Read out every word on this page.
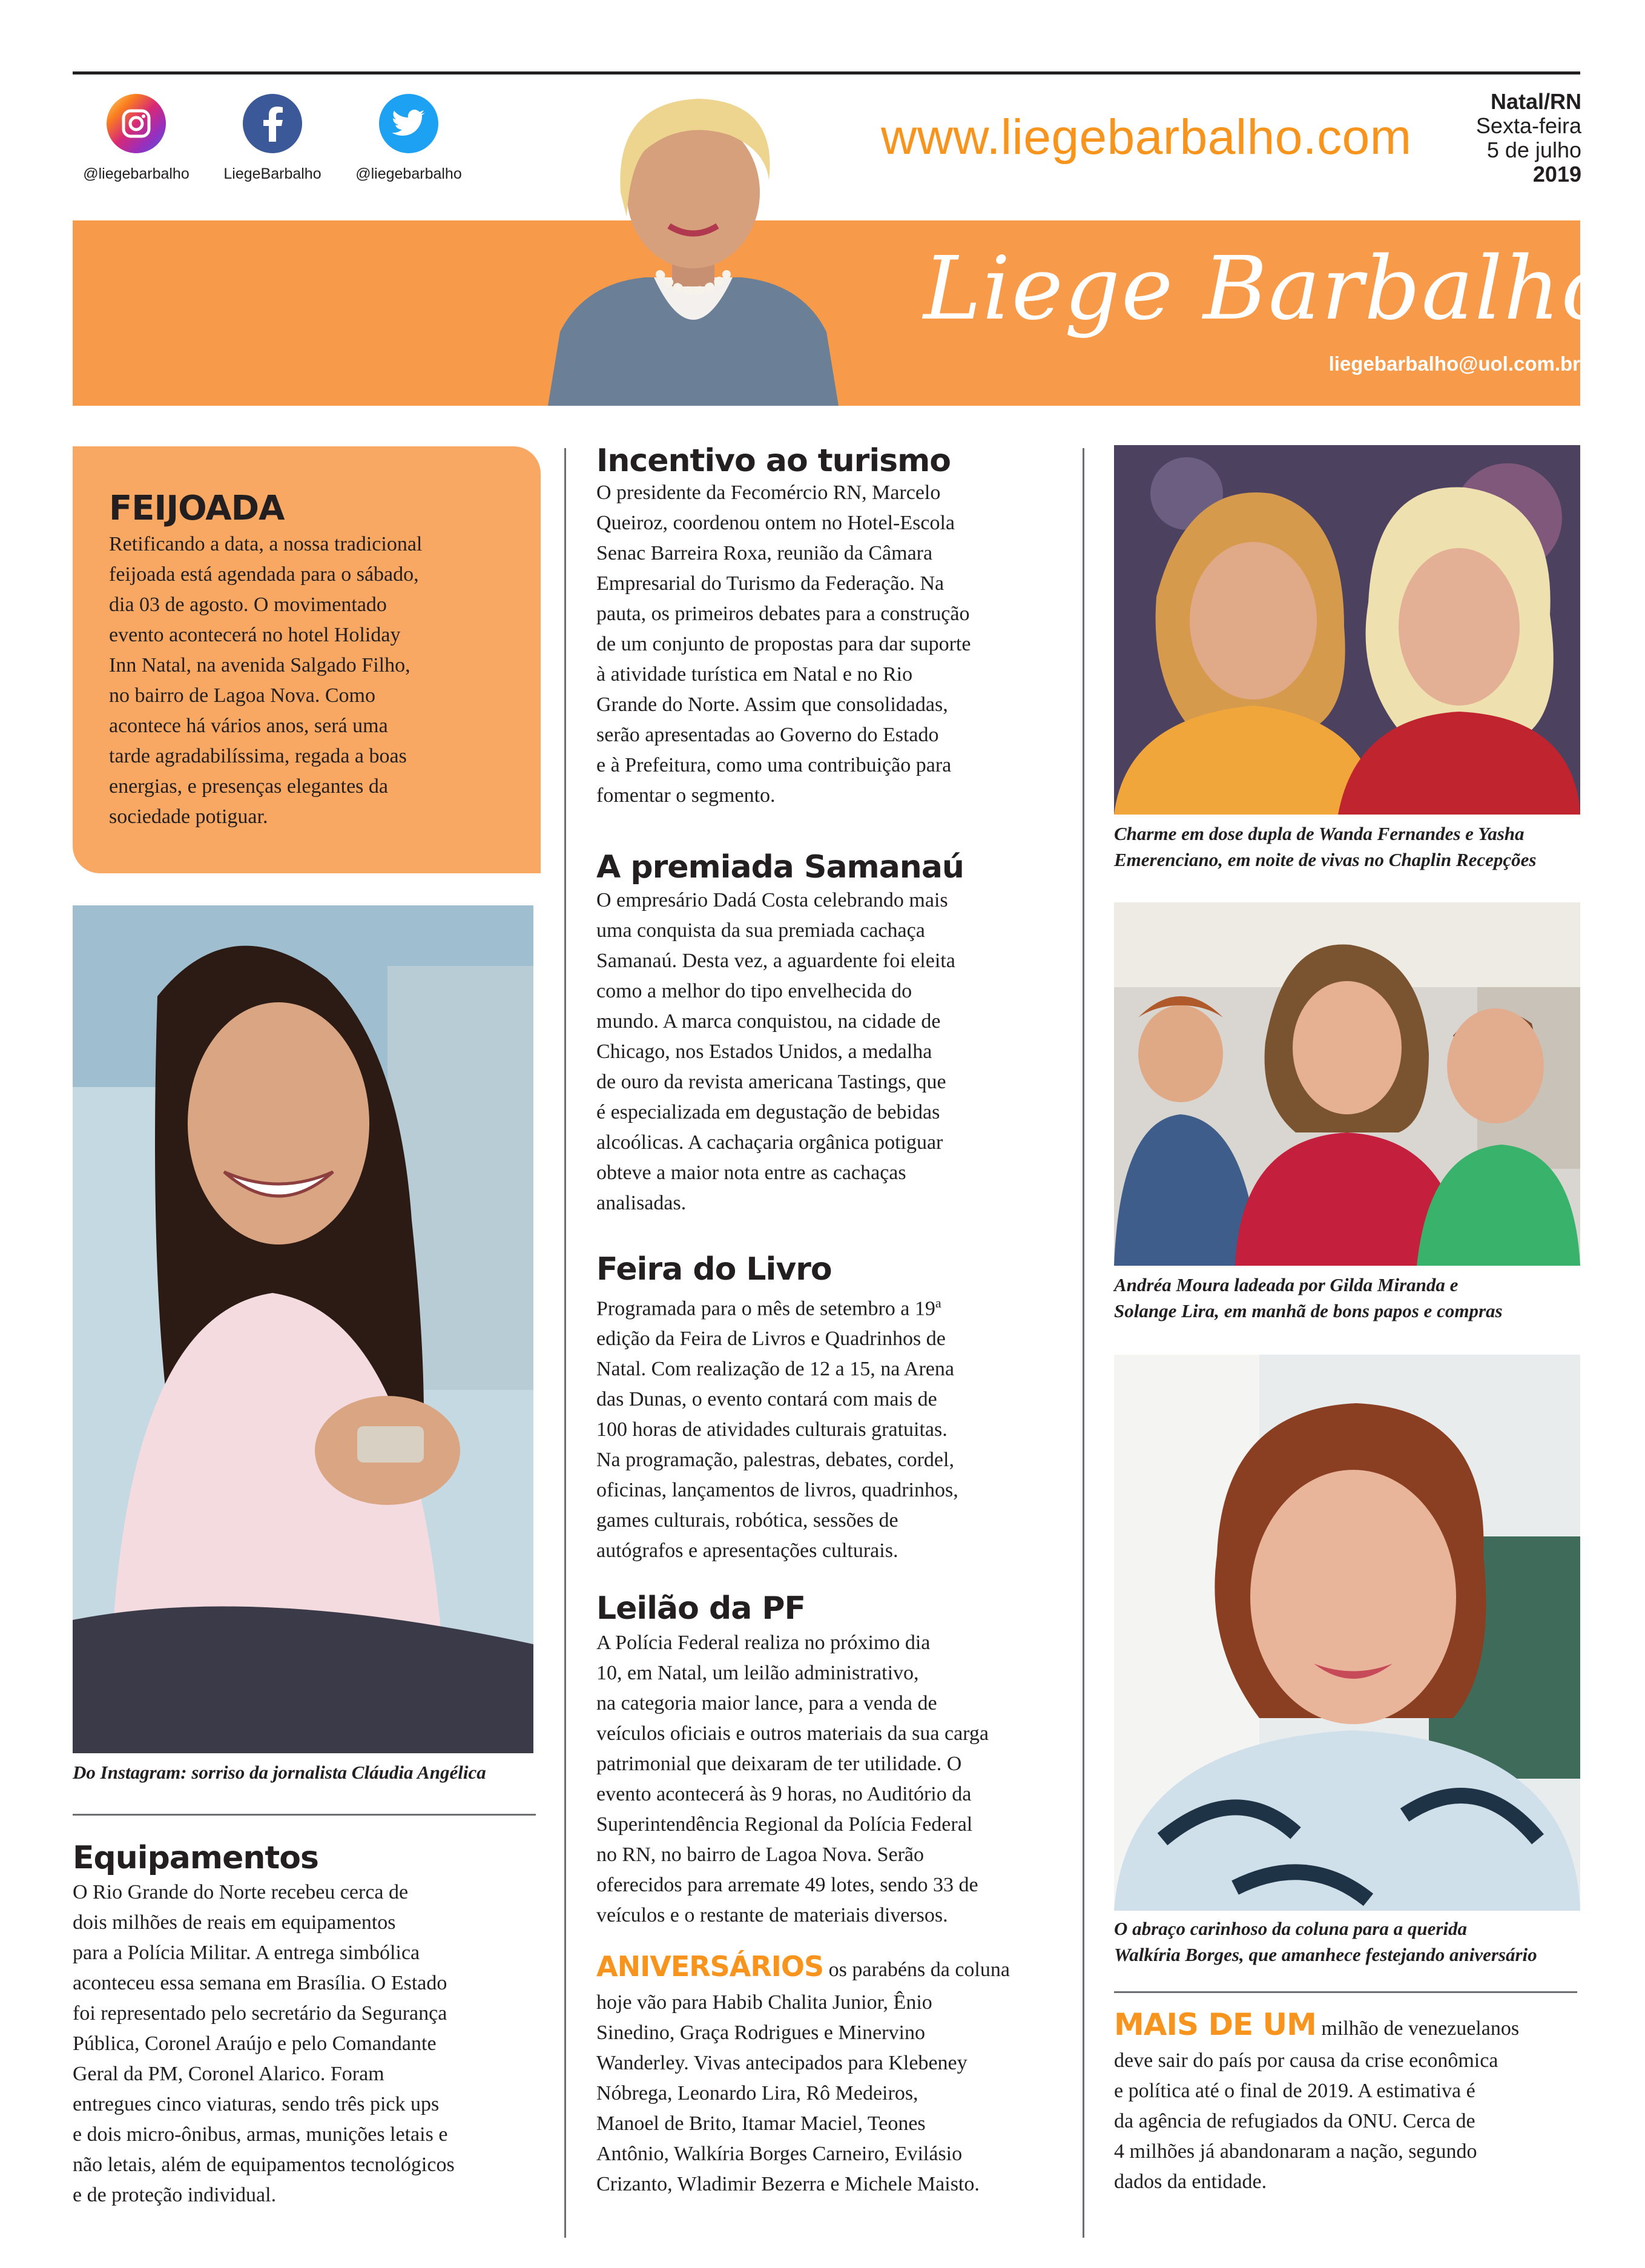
@liegebarbalho	LiegeBarbalho	@liegebarbalho
www.liegebarbalho.com
Natal/RN
Sexta-feira
5 de julho
2019
Liege Barbalho
liegebarbalho@uol.com.br
FEIJOADA

Retificando a data, a nossa tradicional
feijoada está agendada para o sábado,
dia 03 de agosto. O movimentado
evento acontecerá no hotel Holiday
Inn Natal, na avenida Salgado Filho,
no bairro de Lagoa Nova. Como
acontece há vários anos, será uma
tarde agradabilíssima, regada a boas
energias, e presenças elegantes da
sociedade potiguar.

Do Instagram: sorriso da jornalista Cláudia Angélica
Equipamentos

O Rio Grande do Norte recebeu cerca de
dois milhões de reais em equipamentos
para a Polícia Militar. A entrega simbólica
aconteceu essa semana em Brasília. O Estado
foi representado pelo secretário da Segurança
Pública, Coronel Araújo e pelo Comandante
Geral da PM, Coronel Alarico. Foram
entregues cinco viaturas, sendo três pick ups
e dois micro-ônibus, armas, munições letais e
não letais, além de equipamentos tecnológicos
e de proteção individual.

Incentivo ao turismo

O presidente da Fecomércio RN, Marcelo
Queiroz, coordenou ontem no Hotel-Escola
Senac Barreira Roxa, reunião da Câmara
Empresarial do Turismo da Federação. Na
pauta, os primeiros debates para a construção
de um conjunto de propostas para dar suporte
à atividade turística em Natal e no Rio
Grande do Norte. Assim que consolidadas,
serão apresentadas ao Governo do Estado
e à Prefeitura, como uma contribuição para
fomentar o segmento.

A premiada Samanaú

O empresário Dadá Costa celebrando mais
uma conquista da sua premiada cachaça
Samanaú. Desta vez, a aguardente foi eleita
como a melhor do tipo envelhecida do
mundo. A marca conquistou, na cidade de
Chicago, nos Estados Unidos, a medalha
de ouro da revista americana Tastings, que
é especializada em degustação de bebidas
alcoólicas. A cachaçaria orgânica potiguar
obteve a maior nota entre as cachaças
analisadas.

Feira do Livro

Programada para o mês de setembro a 19$^a$
edição da Feira de Livros e Quadrinhos de
Natal. Com realização de 12 a 15, na Arena
das Dunas, o evento contará com mais de
100 horas de atividades culturais gratuitas.
Na programação, palestras, debates, cordel,
oficinas, lançamentos de livros, quadrinhos,
games culturais, robótica, sessões de
autógrafos e apresentações culturais.

Leilão da PF

A Polícia Federal realiza no próximo dia
10, em Natal, um leilão administrativo,
na categoria maior lance, para a venda de
veículos oficiais e outros materiais da sua carga
patrimonial que deixaram de ter utilidade. O
evento acontecerá às 9 horas, no Auditório da
Superintendência Regional da Polícia Federal
no RN, no bairro de Lagoa Nova. Serão
oferecidos para arremate 49 lotes, sendo 33 de
veículos e o restante de materiais diversos.

ANIVERSÁRIOS os parabéns da coluna

hoje vão para Habib Chalita Junior, Ênio
Sinedino, Graça Rodrigues e Minervino
Wanderley. Vivas antecipados para Klebeney
Nóbrega, Leonardo Lira, Rô Medeiros,
Manoel de Brito, Itamar Maciel, Teones
Antônio, Walkíria Borges Carneiro, Evilásio
Crizanto, Wladimir Bezerra e Michele Maisto.

Charme em dose dupla de Wanda Fernandes e Yasha
Emerenciano, em noite de vivas no Chaplin Recepções
Andréa Moura ladeada por Gilda Miranda e
Solange Lira, em manhã de bons papos e compras
O abraço carinhoso da coluna para a querida
Walkíria Borges, que amanhece festejando aniversário

MAIS DE UM milhão de venezuelanos

deve sair do país por causa da crise econômica
e política até o final de 2019. A estimativa é
da agência de refugiados da ONU. Cerca de
4 milhões já abandonaram a nação, segundo
dados da entidade.
